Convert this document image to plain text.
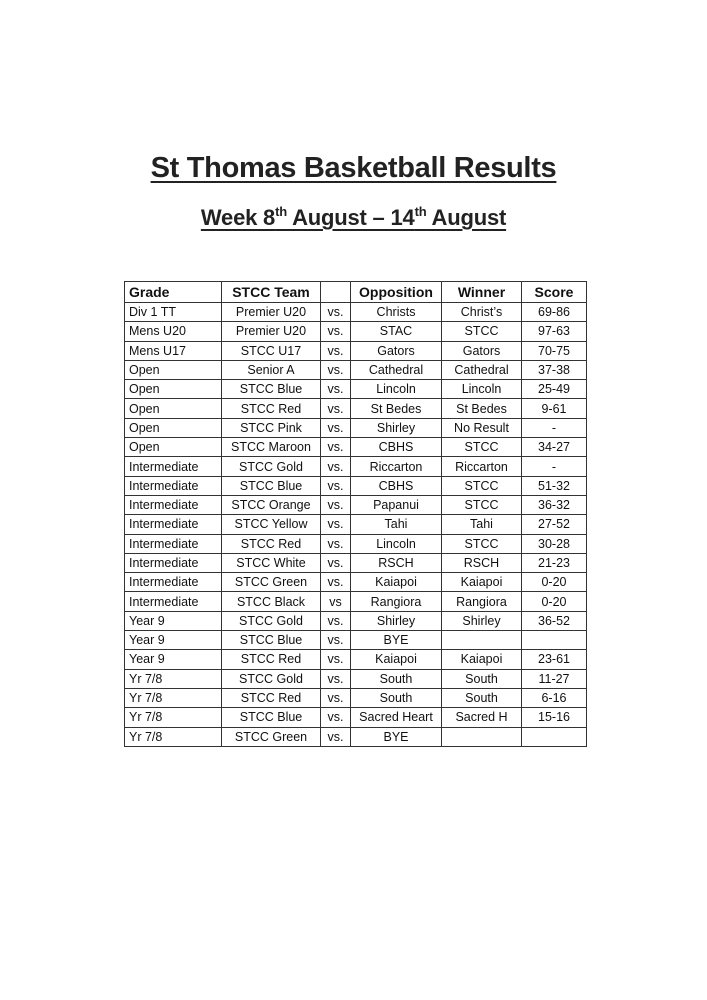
St Thomas Basketball Results
Week 8th August – 14th August
Grade	STCC Team		Opposition	Winner	Score
Div 1 TT	Premier U20	vs.	Christs	Christ’s	69-86
Mens U20	Premier U20	vs.	STAC	STCC	97-63
Mens U17	STCC U17	vs.	Gators	Gators	70-75
Open	Senior A	vs.	Cathedral	Cathedral	37-38
Open	STCC Blue	vs.	Lincoln	Lincoln	25-49
Open	STCC Red	vs.	St Bedes	St Bedes	9-61
Open	STCC Pink	vs.	Shirley	No Result	-
Open	STCC Maroon	vs.	CBHS	STCC	34-27
Intermediate	STCC Gold	vs.	Riccarton	Riccarton	-
Intermediate	STCC Blue	vs.	CBHS	STCC	51-32
Intermediate	STCC Orange	vs.	Papanui	STCC	36-32
Intermediate	STCC Yellow	vs.	Tahi	Tahi	27-52
Intermediate	STCC Red	vs.	Lincoln	STCC	30-28
Intermediate	STCC White	vs.	RSCH	RSCH	21-23
Intermediate	STCC Green	vs.	Kaiapoi	Kaiapoi	0-20
Intermediate	STCC Black	vs	Rangiora	Rangiora	0-20
Year 9	STCC Gold	vs.	Shirley	Shirley	36-52
Year 9	STCC Blue	vs.	BYE		
Year 9	STCC Red	vs.	Kaiapoi	Kaiapoi	23-61
Yr 7/8	STCC Gold	vs.	South	South	11-27
Yr 7/8	STCC Red	vs.	South	South	6-16
Yr 7/8	STCC Blue	vs.	Sacred Heart	Sacred H	15-16
Yr 7/8	STCC Green	vs.	BYE		
